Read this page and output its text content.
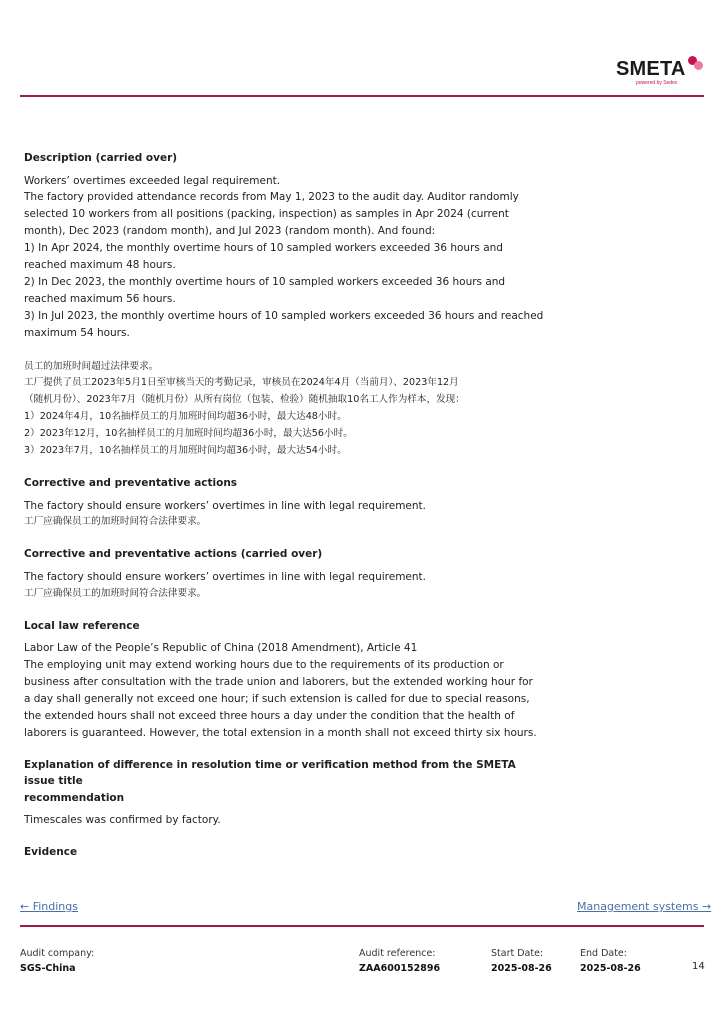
SMETA
powered by Sedex
Description (carried over)
Workers’ overtimes exceeded legal requirement.
The factory provided attendance records from May 1, 2023 to the audit day. Auditor randomly
selected 10 workers from all positions (packing, inspection) as samples in Apr 2024 (current
month), Dec 2023 (random month), and Jul 2023 (random month). And found:
1) In Apr 2024, the monthly overtime hours of 10 sampled workers exceeded 36 hours and
reached maximum 48 hours.
2) In Dec 2023, the monthly overtime hours of 10 sampled workers exceeded 36 hours and
reached maximum 56 hours.
3) In Jul 2023, the monthly overtime hours of 10 sampled workers exceeded 36 hours and reached
maximum 54 hours.
员工的加班时间超过法律要求。
工厂提供了员工2023年5月1日至审核当天的考勤记录，审核员在2024年4月（当前月）、2023年12月
（随机月份）、2023年7月（随机月份）从所有岗位（包装、检验）随机抽取10名工人作为样本，发现：
1）2024年4月，10名抽样员工的月加班时间均超36小时，最大达48小时。
2）2023年12月，10名抽样员工的月加班时间均超36小时，最大达56小时。
3）2023年7月，10名抽样员工的月加班时间均超36小时，最大达54小时。
Corrective and preventative actions
The factory should ensure workers’ overtimes in line with legal requirement.
工厂应确保员工的加班时间符合法律要求。
Corrective and preventative actions (carried over)
The factory should ensure workers’ overtimes in line with legal requirement.
工厂应确保员工的加班时间符合法律要求。
Local law reference
Labor Law of the People’s Republic of China (2018 Amendment), Article 41
The employing unit may extend working hours due to the requirements of its production or
business after consultation with the trade union and laborers, but the extended working hour for
a day shall generally not exceed one hour; if such extension is called for due to special reasons,
the extended hours shall not exceed three hours a day under the condition that the health of
laborers is guaranteed. However, the total extension in a month shall not exceed thirty six hours.
Explanation of difference in resolution time or verification method from the SMETA issue title
recommendation
Timescales was confirmed by factory.
Evidence
← Findings	Management systems →
Audit company:
SGS-China
Audit reference:
ZAA600152896
Start Date:
2025-08-26
End Date:
2025-08-26	14
